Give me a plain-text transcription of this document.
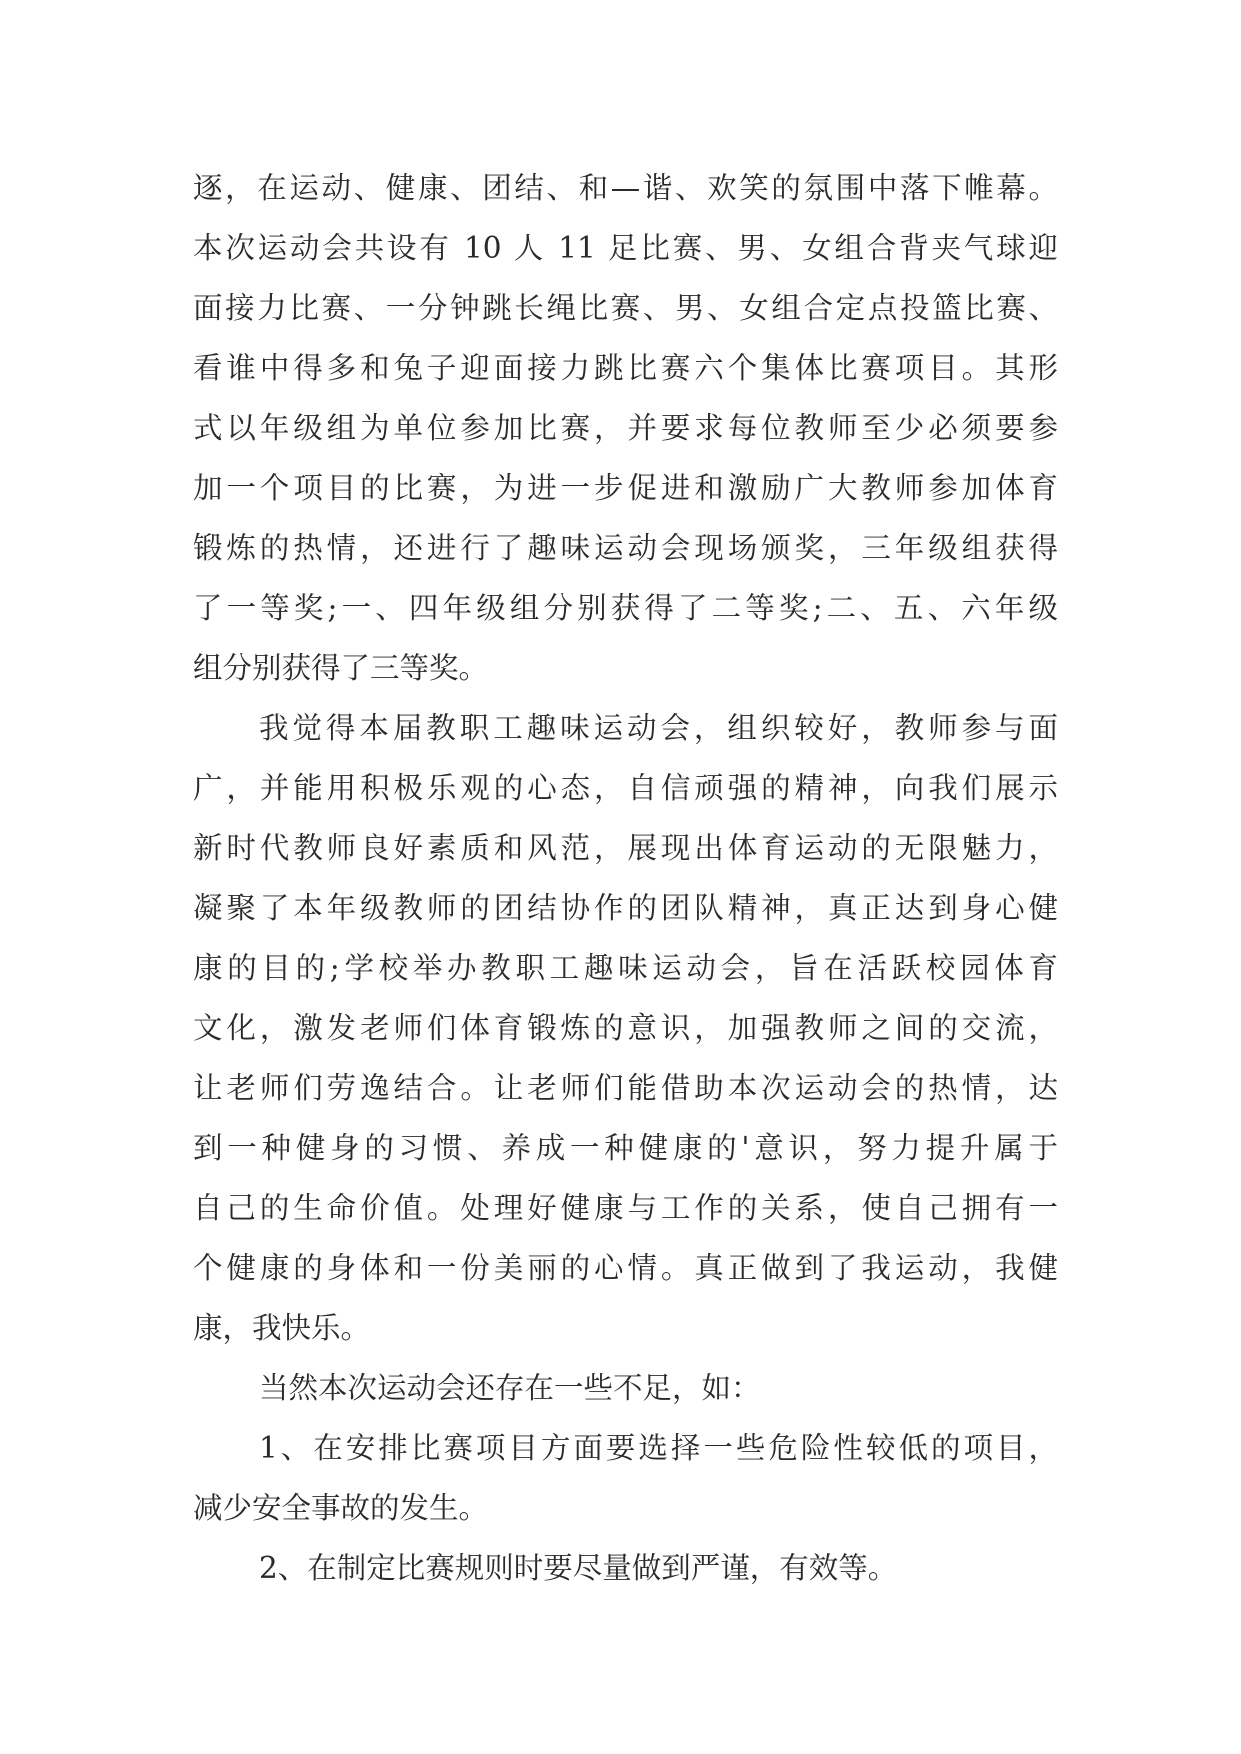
逐，在运动、健康、团结、和—谐、欢笑的氛围中落下帷幕。
本次运动会共设有 10 人 11 足比赛、男、女组合背夹气球迎
面接力比赛、一分钟跳长绳比赛、男、女组合定点投篮比赛、
看谁中得多和兔子迎面接力跳比赛六个集体比赛项目。其形
式以年级组为单位参加比赛，并要求每位教师至少必须要参
加一个项目的比赛，为进一步促进和激励广大教师参加体育
锻炼的热情，还进行了趣味运动会现场颁奖，三年级组获得
了一等奖;一、四年级组分别获得了二等奖;二、五、六年级
组分别获得了三等奖。
我觉得本届教职工趣味运动会，组织较好，教师参与面
广，并能用积极乐观的心态，自信顽强的精神，向我们展示
新时代教师良好素质和风范，展现出体育运动的无限魅力，
凝聚了本年级教师的团结协作的团队精神，真正达到身心健
康的目的;学校举办教职工趣味运动会，旨在活跃校园体育
文化，激发老师们体育锻炼的意识，加强教师之间的交流，
让老师们劳逸结合。让老师们能借助本次运动会的热情，达
到一种健身的习惯、养成一种健康的'意识，努力提升属于
自己的生命价值。处理好健康与工作的关系，使自己拥有一
个健康的身体和一份美丽的心情。真正做到了我运动，我健
康，我快乐。
当然本次运动会还存在一些不足，如：
1、在安排比赛项目方面要选择一些危险性较低的项目，
减少安全事故的发生。
2、在制定比赛规则时要尽量做到严谨，有效等。
